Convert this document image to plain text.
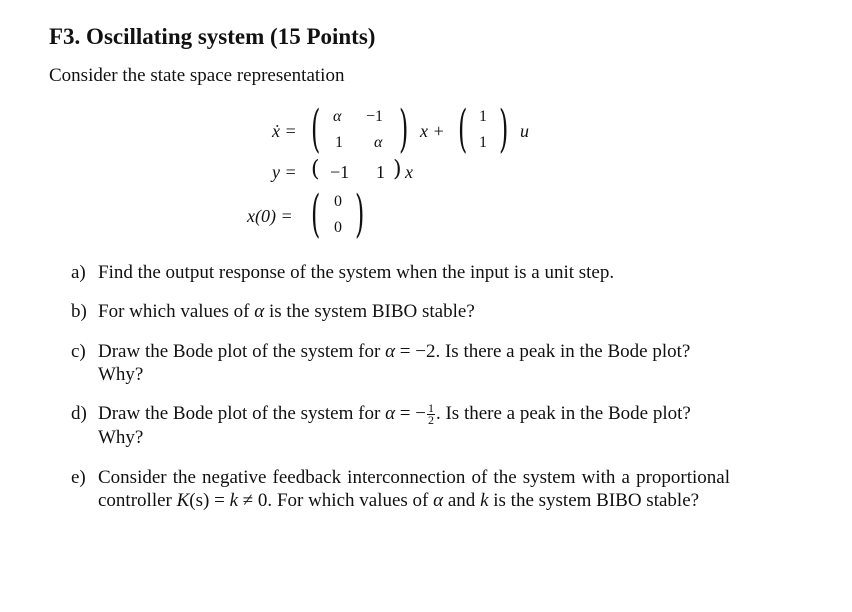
F3. Oscillating system (15 Points)
Consider the state space representation
ẋ = ( α −1
1 α ) x + ( 1
1 ) u
y = ( −1 1 ) x
x(0) = ( 0
0 )
a) Find the output response of the system when the input is a unit step.
b) For which values of α is the system BIBO stable?
c) Draw the Bode plot of the system for α = −2. Is there a peak in the Bode plot? Why?
d) Draw the Bode plot of the system for α = − $\frac{1}{2}$ . Is there a peak in the Bode plot? Why?
e) Consider the negative feedback interconnection of the system with a proportional controller K(s) = k ≠ 0. For which values of α and k is the system BIBO stable?
